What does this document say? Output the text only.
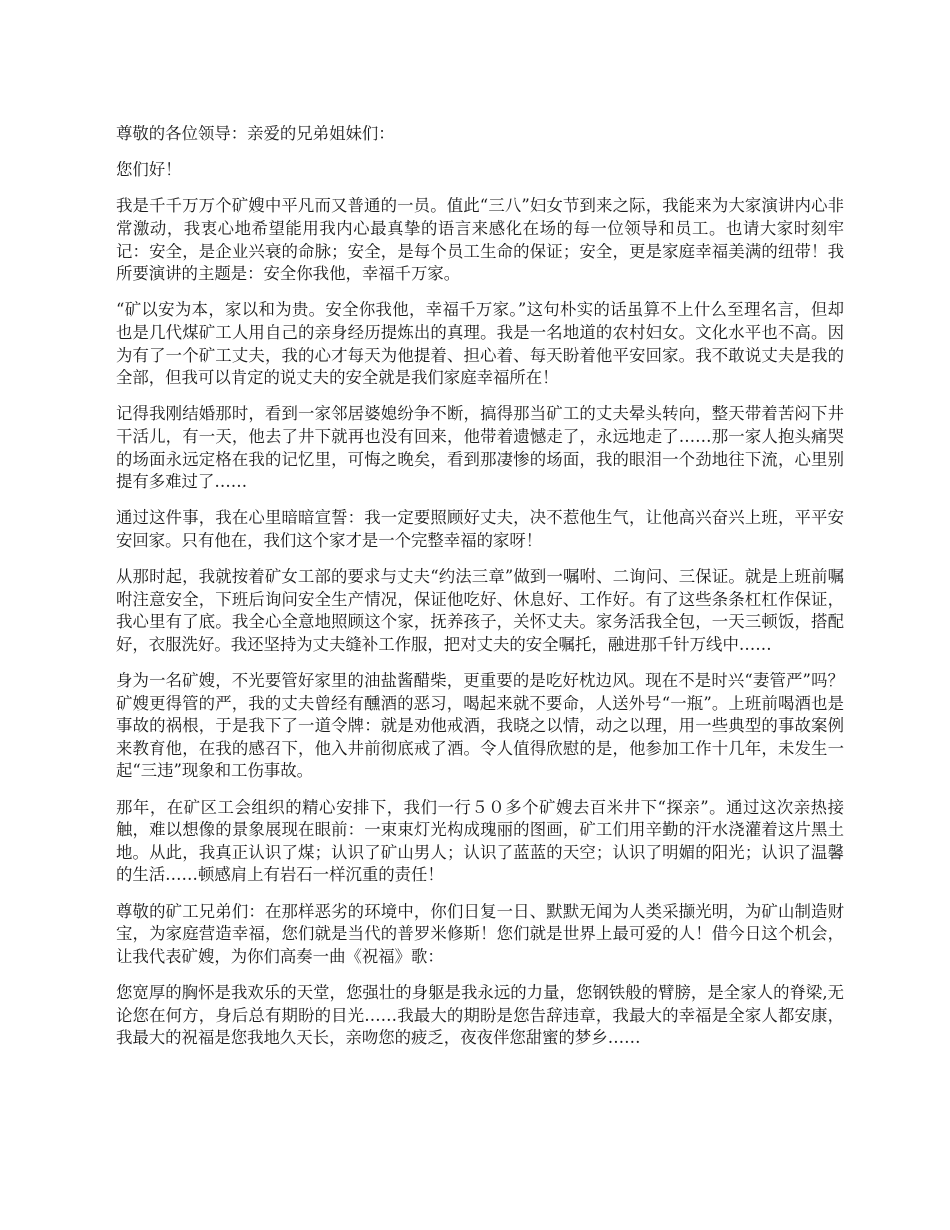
尊敬的各位领导：亲爱的兄弟姐妹们：

您们好！

我是千千万万个矿嫂中平凡而又普通的一员。值此“三八”妇女节到来之际，我能来为大家演讲内心非常激动，我衷心地希望能用我内心最真挚的语言来感化在场的每一位领导和员工。也请大家时刻牢记：安全，是企业兴衰的命脉；安全，是每个员工生命的保证；安全，更是家庭幸福美满的纽带！我所要演讲的主题是：安全你我他，幸福千万家。

“矿以安为本，家以和为贵。安全你我他，幸福千万家。”这句朴实的话虽算不上什么至理名言，但却也是几代煤矿工人用自己的亲身经历提炼出的真理。我是一名地道的农村妇女。文化水平也不高。因为有了一个矿工丈夫，我的心才每天为他提着、担心着、每天盼着他平安回家。我不敢说丈夫是我的全部，但我可以肯定的说丈夫的安全就是我们家庭幸福所在！

记得我刚结婚那时，看到一家邻居婆媳纷争不断，搞得那当矿工的丈夫晕头转向，整天带着苦闷下井干活儿，有一天，他去了井下就再也没有回来，他带着遗憾走了，永远地走了……那一家人抱头痛哭的场面永远定格在我的记忆里，可悔之晚矣，看到那凄惨的场面，我的眼泪一个劲地往下流，心里别提有多难过了……

通过这件事，我在心里暗暗宣誓：我一定要照顾好丈夫，决不惹他生气，让他高兴奋兴上班，平平安安回家。只有他在，我们这个家才是一个完整幸福的家呀！

从那时起，我就按着矿女工部的要求与丈夫“约法三章”做到一嘱咐、二询问、三保证。就是上班前嘱咐注意安全，下班后询问安全生产情况，保证他吃好、休息好、工作好。有了这些条条杠杠作保证，我心里有了底。我全心全意地照顾这个家，抚养孩子，关怀丈夫。家务活我全包，一天三顿饭，搭配好，衣服洗好。我还坚持为丈夫缝补工作服，把对丈夫的安全嘱托，融进那千针万线中……

身为一名矿嫂，不光要管好家里的油盐酱醋柴，更重要的是吃好枕边风。现在不是时兴“妻管严”吗？矿嫂更得管的严，我的丈夫曾经有醺酒的恶习，喝起来就不要命，人送外号“一瓶”。上班前喝酒也是事故的祸根，于是我下了一道令牌：就是劝他戒酒，我晓之以情，动之以理，用一些典型的事故案例来教育他，在我的感召下，他入井前彻底戒了酒。令人值得欣慰的是，他参加工作十几年，未发生一起“三违”现象和工伤事故。

那年，在矿区工会组织的精心安排下，我们一行５０多个矿嫂去百米井下“探亲”。通过这次亲热接触，难以想像的景象展现在眼前：一束束灯光构成瑰丽的图画，矿工们用辛勤的汗水浇灌着这片黑土地。从此，我真正认识了煤；认识了矿山男人；认识了蓝蓝的天空；认识了明媚的阳光；认识了温馨的生活……顿感肩上有岩石一样沉重的责任！

尊敬的矿工兄弟们：在那样恶劣的环境中，你们日复一日、默默无闻为人类采撷光明，为矿山制造财宝，为家庭营造幸福，您们就是当代的普罗米修斯！您们就是世界上最可爱的人！借今日这个机会，让我代表矿嫂，为你们高奏一曲《祝福》歌：

您宽厚的胸怀是我欢乐的天堂，您强壮的身躯是我永远的力量，您钢铁般的臂膀，是全家人的脊梁,无论您在何方，身后总有期盼的目光……我最大的期盼是您告辞违章，我最大的幸福是全家人都安康，我最大的祝福是您我地久天长，亲吻您的疲乏，夜夜伴您甜蜜的梦乡……
